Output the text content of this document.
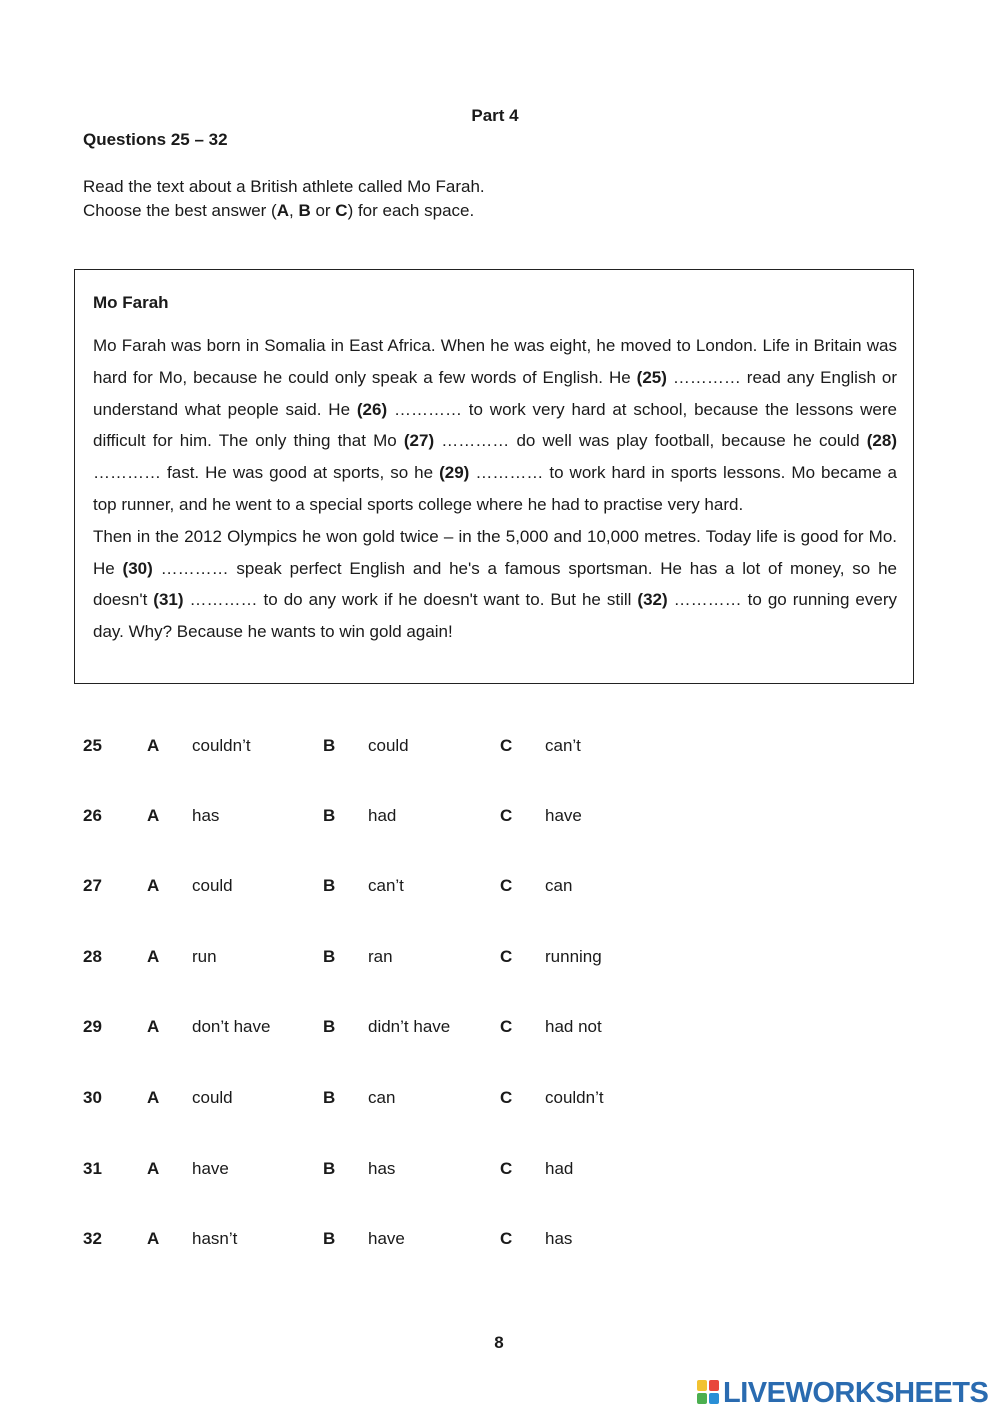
Part 4
Questions 25 – 32
Read the text about a British athlete called Mo Farah.
Choose the best answer (A, B or C) for each space.
Mo Farah

Mo Farah was born in Somalia in East Africa. When he was eight, he moved to London. Life in Britain was hard for Mo, because he could only speak a few words of English. He (25) ………… read any English or understand what people said. He (26) ………… to work very hard at school, because the lessons were difficult for him. The only thing that Mo (27) ………… do well was play football, because he could (28) ………… fast. He was good at sports, so he (29) ………… to work hard in sports lessons. Mo became a top runner, and he went to a special sports college where he had to practise very hard.

Then in the 2012 Olympics he won gold twice – in the 5,000 and 10,000 metres. Today life is good for Mo. He (30) ………… speak perfect English and he's a famous sportsman. He has a lot of money, so he doesn't (31) ………… to do any work if he doesn't want to. But he still (32) ………… to go running every day. Why? Because he wants to win gold again!

25	A couldn’t	B could	C can’t
26	A has	B had	C have
27	A could	B can’t	C can
28	A run	B ran	C running
29	A don’t have	B didn’t have	C had not
30	A could	B can	C couldn’t
31	A have	B has	C had
32	A hasn’t	B have	C has
8
LIVEWORKSHEETS
